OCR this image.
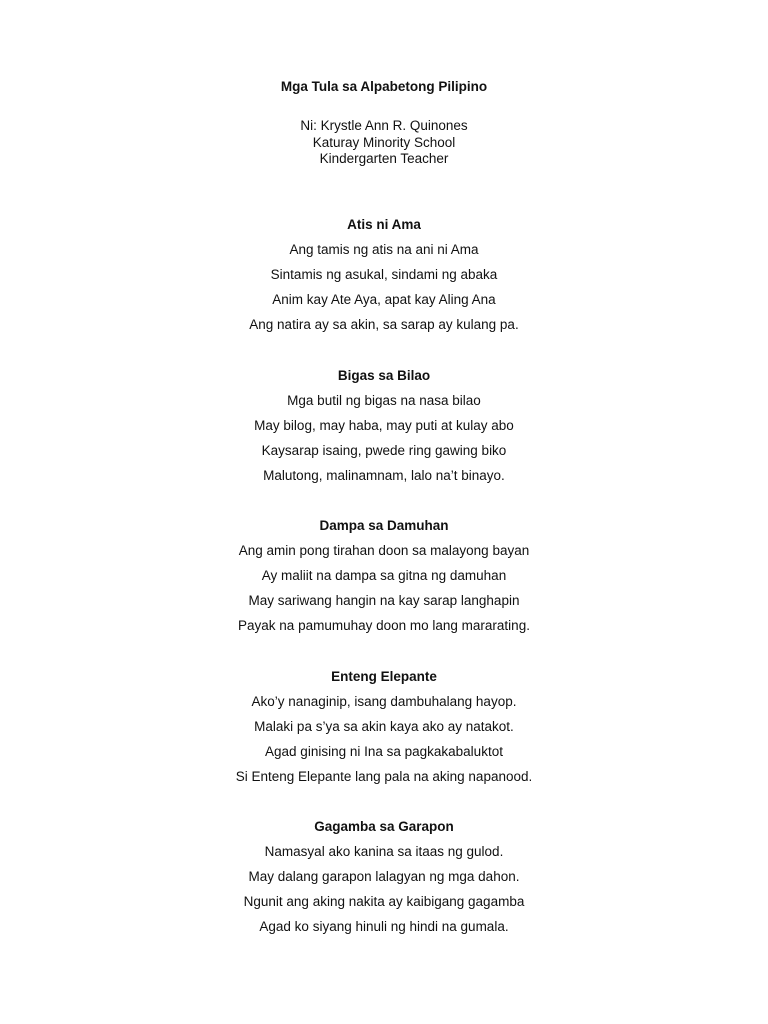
Mga Tula sa Alpabetong Pilipino
Ni: Krystle Ann R. Quinones
Katuray Minority School
Kindergarten Teacher
Atis ni Ama
Ang tamis ng atis na ani ni Ama
Sintamis ng asukal, sindami ng abaka
Anim kay Ate Aya, apat kay Aling Ana
Ang natira ay sa akin, sa sarap ay kulang pa.
Bigas sa Bilao
Mga butil ng bigas na nasa bilao
May bilog, may haba, may puti at kulay abo
Kaysarap isaing, pwede ring gawing biko
Malutong, malinamnam, lalo na’t binayo.
Dampa sa Damuhan
Ang amin pong tirahan doon sa malayong bayan
Ay maliit na dampa sa gitna ng damuhan
May sariwang hangin na kay sarap langhapin
Payak na pamumuhay doon mo lang mararating.
Enteng Elepante
Ako’y nanaginip, isang dambuhalang hayop.
Malaki pa s’ya sa akin kaya ako ay natakot.
Agad ginising ni Ina sa pagkakabaluktot
Si Enteng Elepante lang pala na aking napanood.
Gagamba sa Garapon
Namasyal ako kanina sa itaas ng gulod.
May dalang garapon lalagyan ng mga dahon.
Ngunit ang aking nakita ay kaibigang gagamba
Agad ko siyang hinuli ng hindi na gumala.
